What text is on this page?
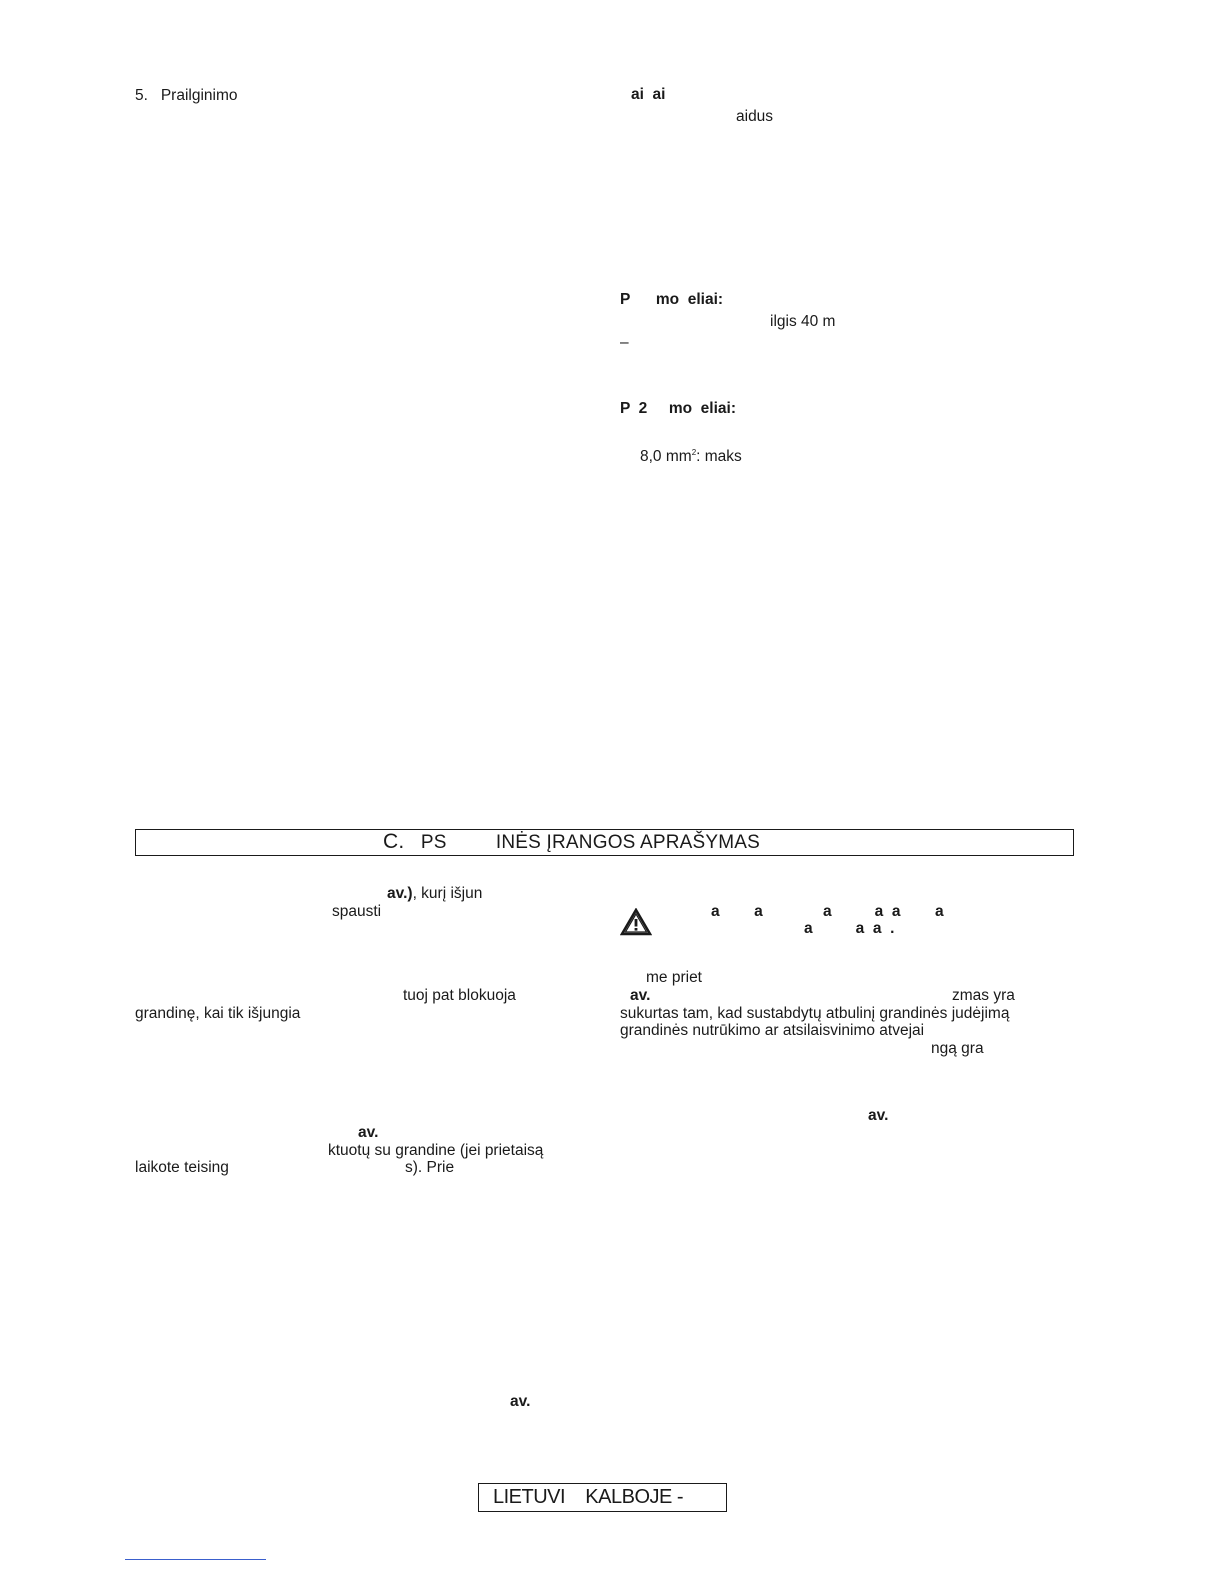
5.   Prailginimo	ai  ai
aidus
P      mo  eliai:
ilgis 40 m
–
P  2     mo  eliai:
8,0 $mm^2$: maks
C. PS	INĖS ĮRANGOS APRAŠYMAS
av.), kurį išjun
spausti
tuoj pat blokuoja
grandinę, kai tik išjungia
av.
ktuotų su grandine (jei prietaisą
laikote teising	s). Prie
av.
a        a              a          a  a        a
a          a  a  .
me priet
av.	zmas yra
sukurtas tam, kad sustabdytų atbulinį grandinės judėjimą
grandinės nutrūkimo ar atsilaisvinimo atvejai
ngą gra
av.
LIETUVI    KALBOJE -
